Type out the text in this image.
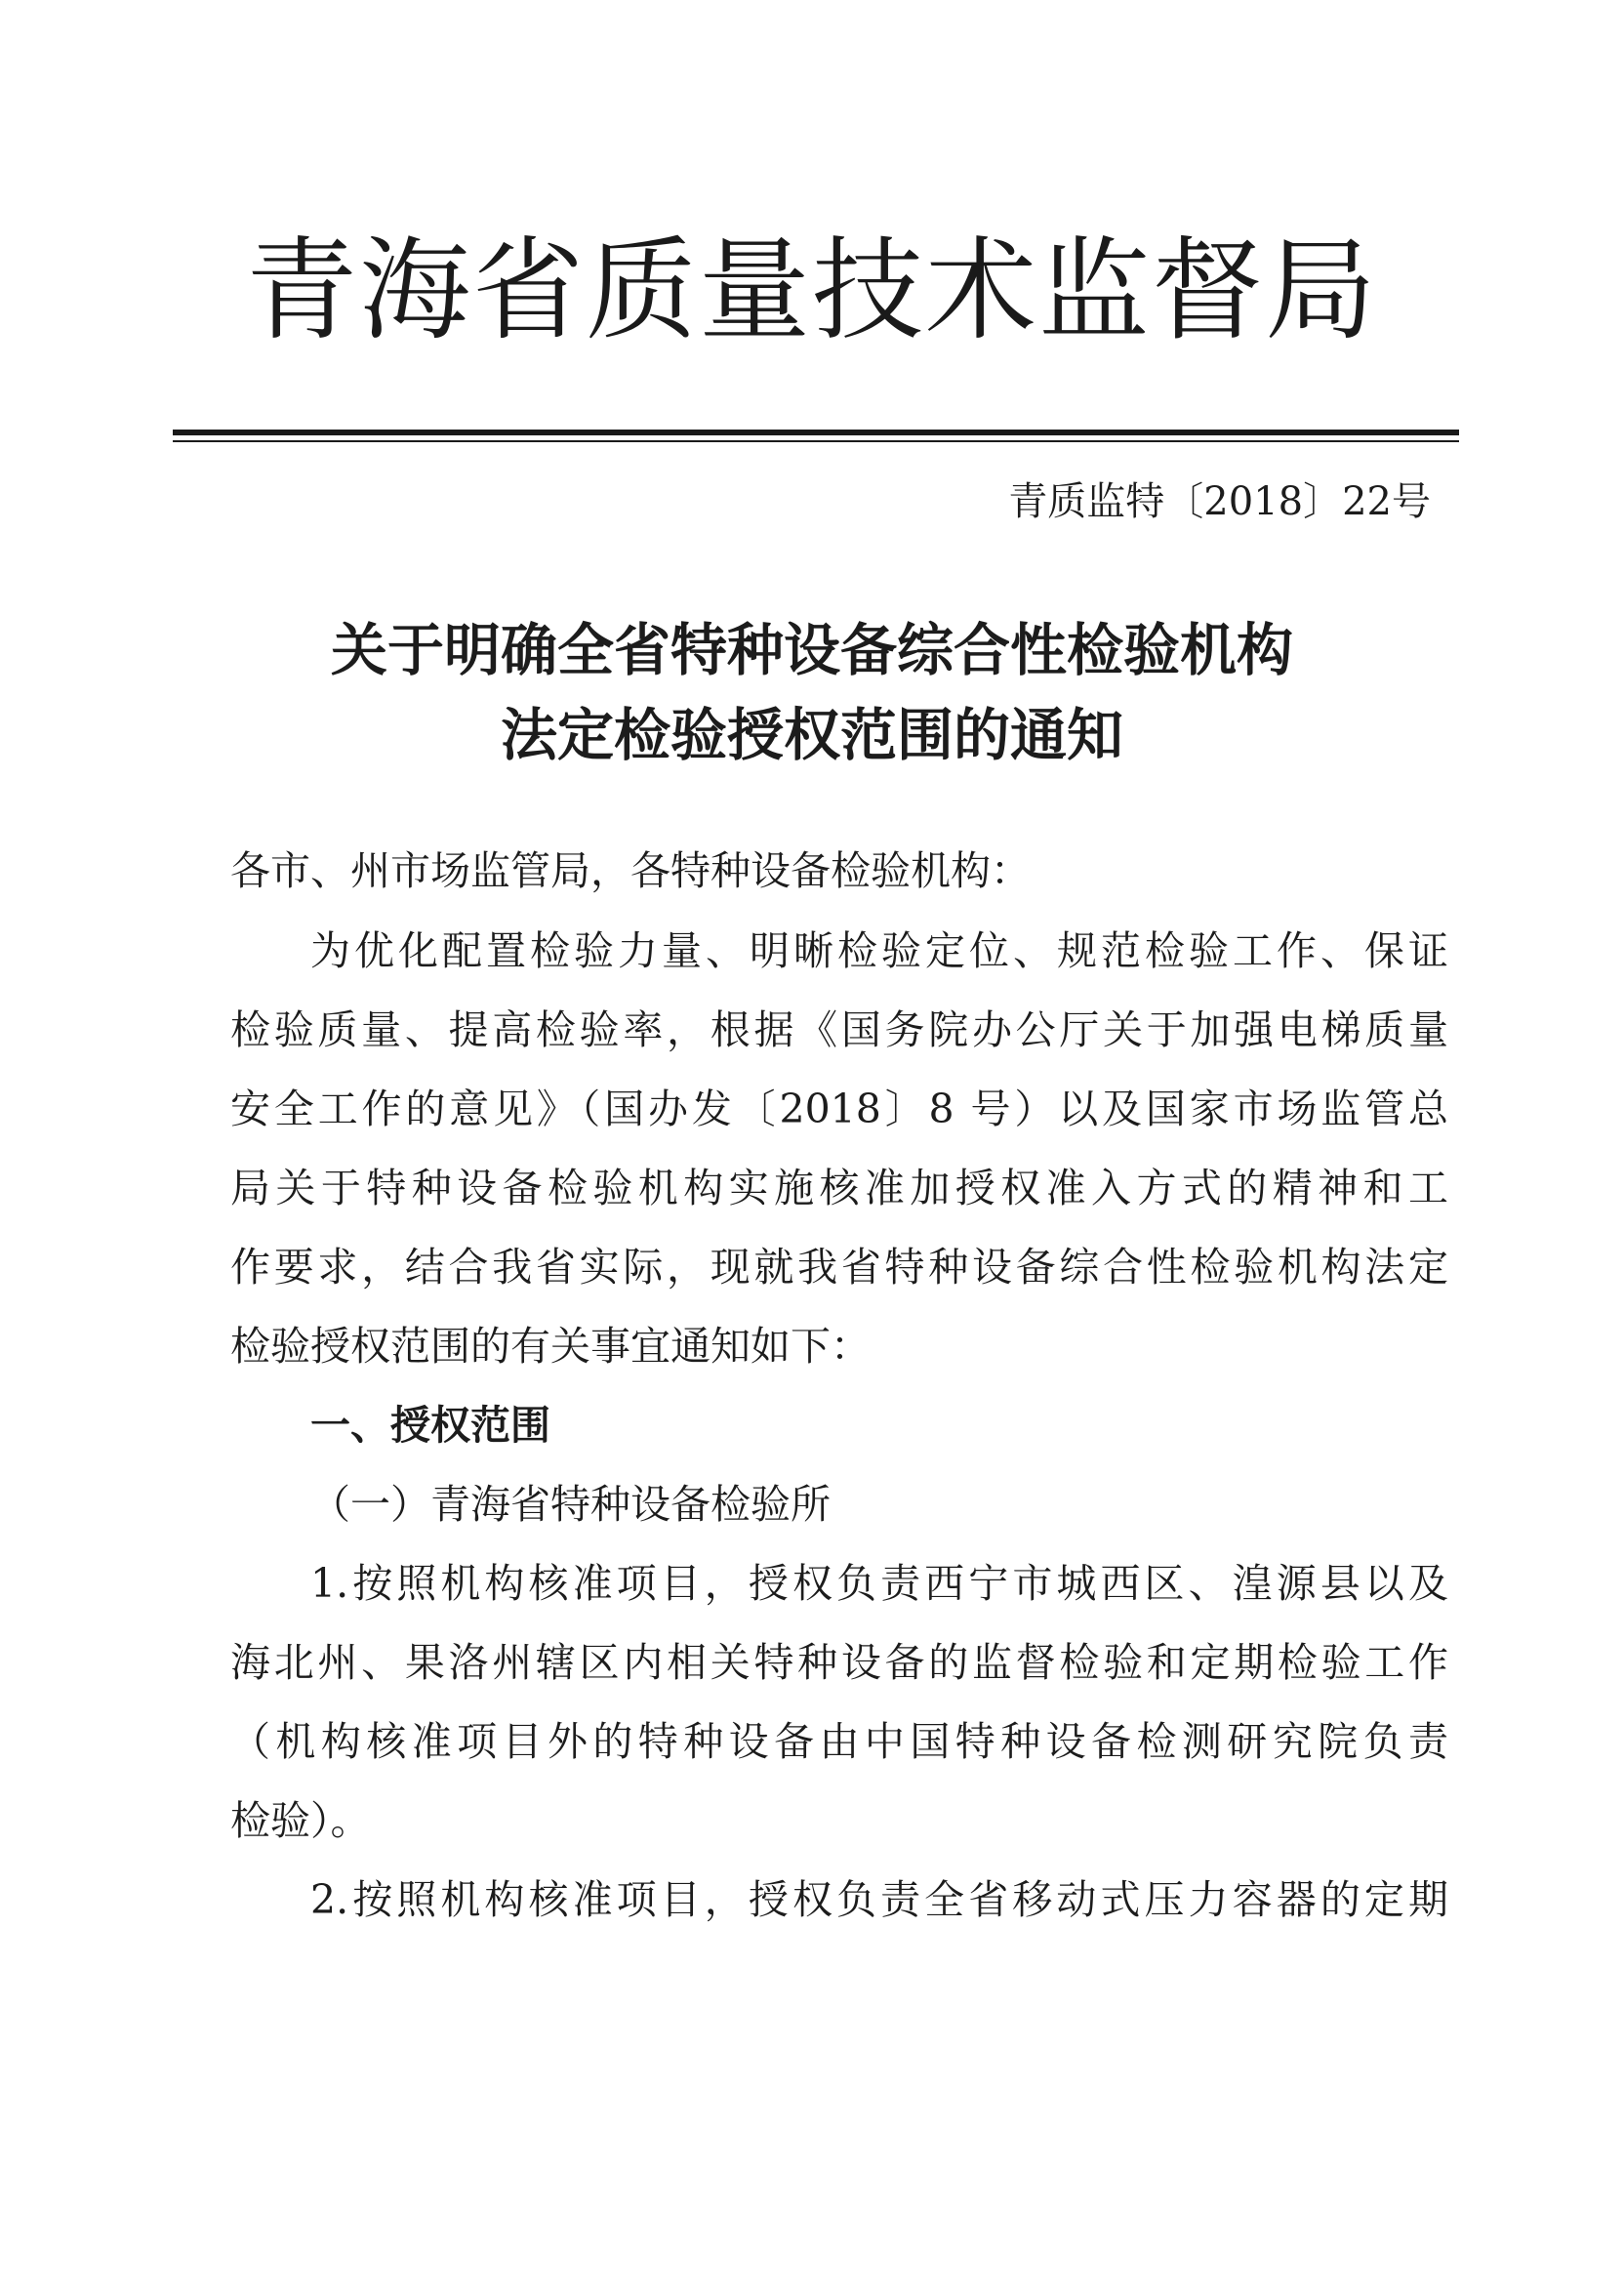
青海省质量技术监督局
青质监特〔2018〕22号
关于明确全省特种设备综合性检验机构
法定检验授权范围的通知
各市、州市场监管局，各特种设备检验机构：
为优化配置检验力量、明晰检验定位、规范检验工作、保证
检验质量、提高检验率，根据《国务院办公厅关于加强电梯质量
安全工作的意见》（国办发〔2018〕8 号）以及国家市场监管总
局关于特种设备检验机构实施核准加授权准入方式的精神和工
作要求，结合我省实际，现就我省特种设备综合性检验机构法定
检验授权范围的有关事宜通知如下：
一、授权范围
（一）青海省特种设备检验所
1.按照机构核准项目，授权负责西宁市城西区、湟源县以及
海北州、果洛州辖区内相关特种设备的监督检验和定期检验工作
（机构核准项目外的特种设备由中国特种设备检测研究院负责
检验）。
2.按照机构核准项目，授权负责全省移动式压力容器的定期
